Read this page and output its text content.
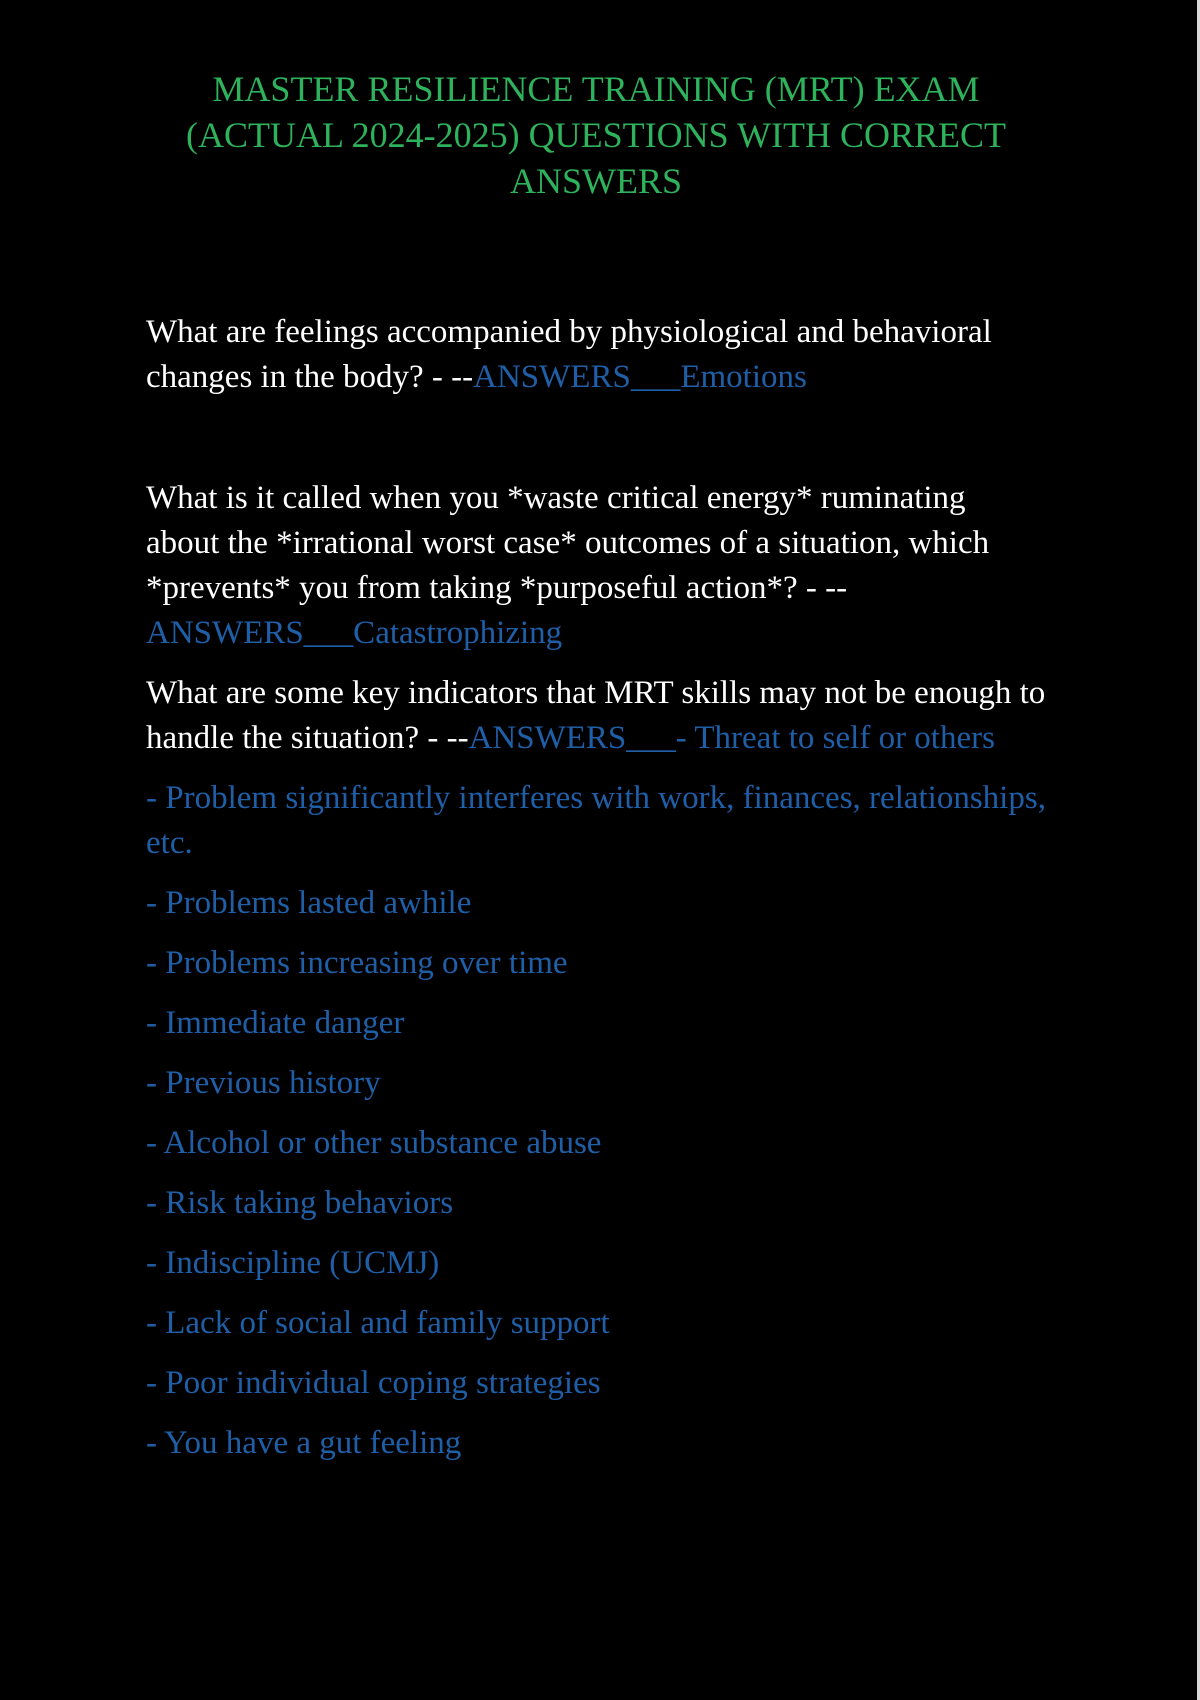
MASTER RESILIENCE TRAINING (MRT) EXAM (ACTUAL 2024-2025) QUESTIONS WITH CORRECT ANSWERS

What are feelings accompanied by physiological and behavioral changes in the body? - --ANSWERS___Emotions

What is it called when you *waste critical energy* ruminating about the *irrational worst case* outcomes of a situation, which *prevents* you from taking *purposeful action*? - --ANSWERS___Catastrophizing

What are some key indicators that MRT skills may not be enough to handle the situation? - --ANSWERS___- Threat to self or others

- Problem significantly interferes with work, finances, relationships, etc.
- Problems lasted awhile
- Problems increasing over time
- Immediate danger
- Previous history
- Alcohol or other substance abuse
- Risk taking behaviors
- Indiscipline (UCMJ)
- Lack of social and family support
- Poor individual coping strategies
- You have a gut feeling
